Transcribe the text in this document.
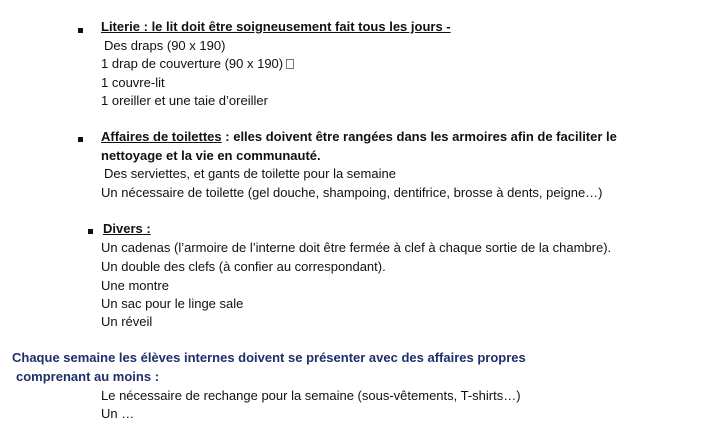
Literie : le lit doit être soigneusement fait tous les jours -
Des draps (90 x 190)
1 drap de couverture (90 x 190)
1 couvre-lit
1 oreiller et une taie d’oreiller
Affaires de toilettes : elles doivent être rangées dans les armoires afin de faciliter le
nettoyage et la vie en communauté.
Des serviettes, et gants de toilette pour la semaine
Un nécessaire de toilette (gel douche, shampoing, dentifrice, brosse à dents, peigne…)
Divers :
Un cadenas (l’armoire de l’interne doit être fermée à clef à chaque sortie de la chambre).
Un double des clefs (à confier au correspondant).
Une montre
Un sac pour le linge sale
Un réveil
Chaque semaine les élèves internes doivent se présenter avec des affaires propres
comprenant au moins :
Le nécessaire de rechange pour la semaine (sous-vêtements, T-shirts…)
Un …
